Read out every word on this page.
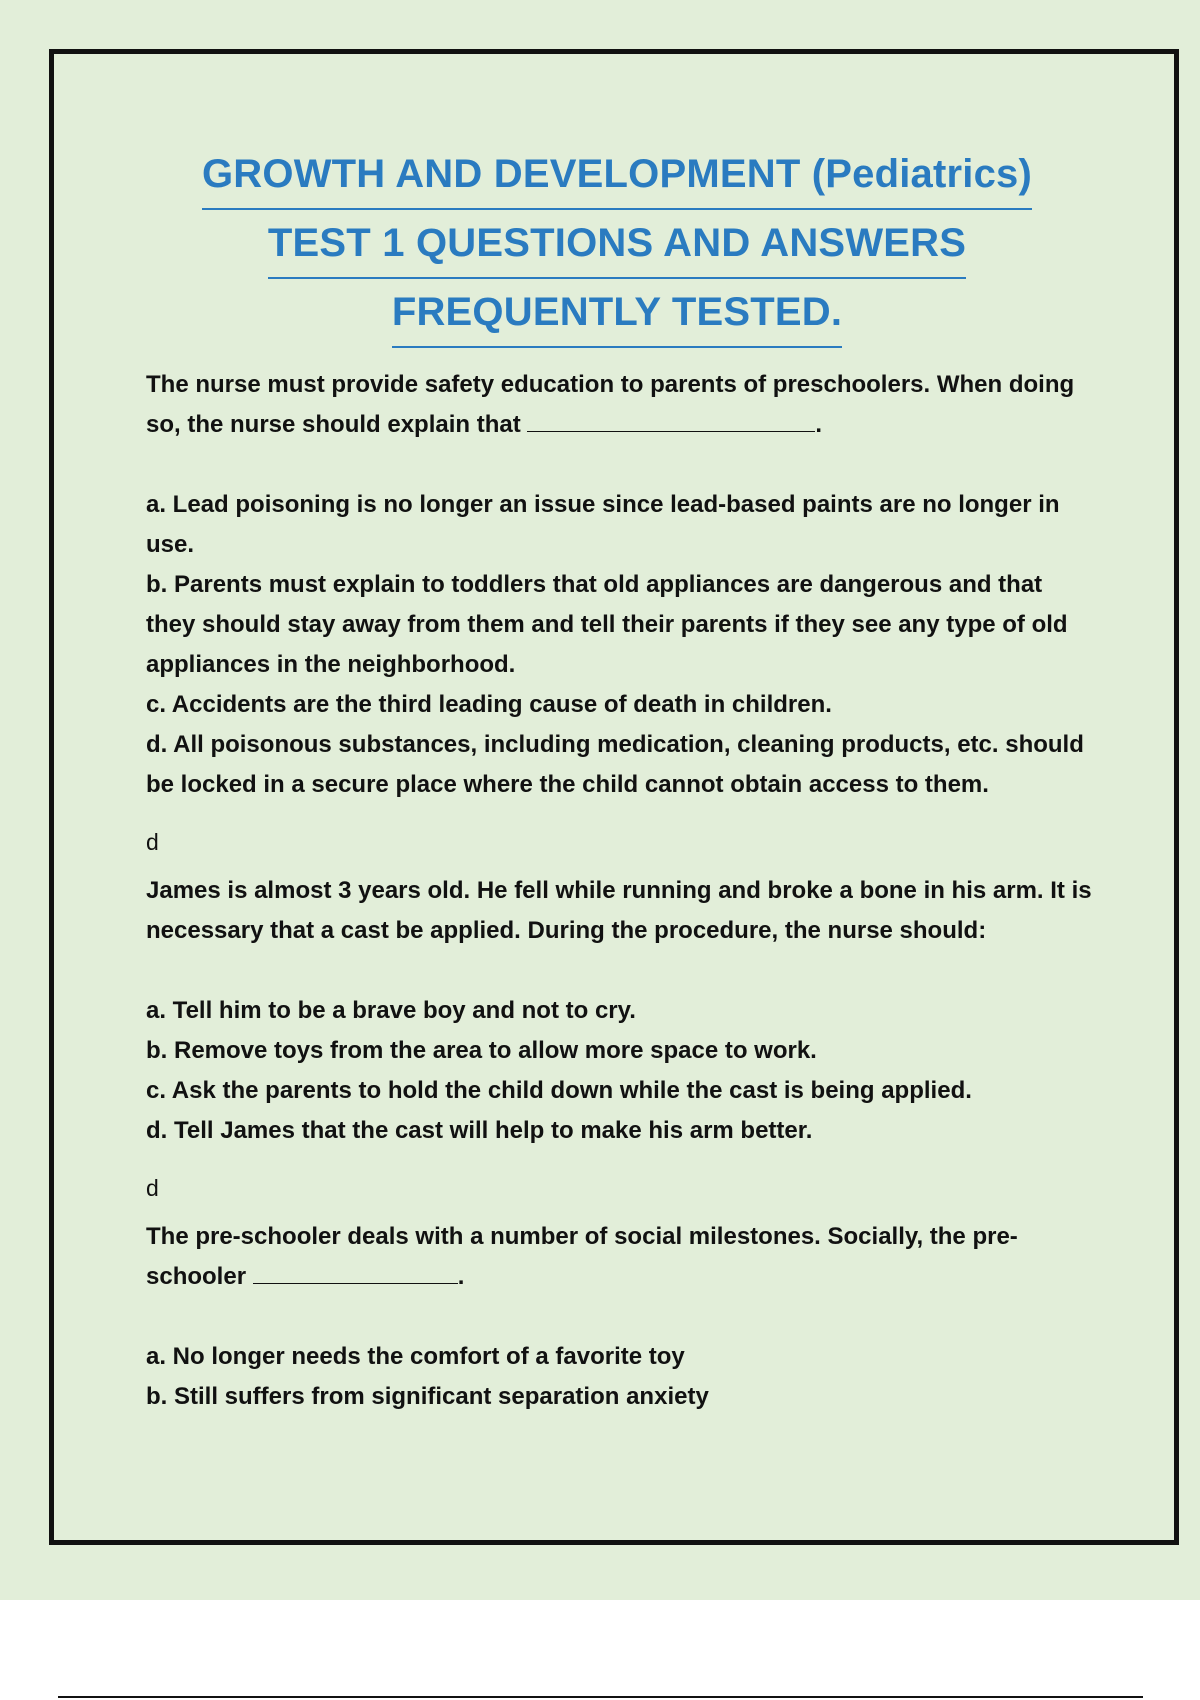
GROWTH AND DEVELOPMENT (Pediatrics)
TEST 1 QUESTIONS AND ANSWERS
FREQUENTLY TESTED.

The nurse must provide safety education to parents of preschoolers. When doing so, the nurse should explain that	.

a. Lead poisoning is no longer an issue since lead-based paints are no longer in use.

b. Parents must explain to toddlers that old appliances are dangerous and that they should stay away from them and tell their parents if they see any type of old appliances in the neighborhood.

c. Accidents are the third leading cause of death in children.

d. All poisonous substances, including medication, cleaning products, etc. should be locked in a secure place where the child cannot obtain access to them.

d

James is almost 3 years old. He fell while running and broke a bone in his arm. It is necessary that a cast be applied. During the procedure, the nurse should:

a. Tell him to be a brave boy and not to cry.

b. Remove toys from the area to allow more space to work.

c. Ask the parents to hold the child down while the cast is being applied.

d. Tell James that the cast will help to make his arm better.

d

The pre-schooler deals with a number of social milestones. Socially, the pre-schooler	.

a. No longer needs the comfort of a favorite toy

b. Still suffers from significant separation anxiety
